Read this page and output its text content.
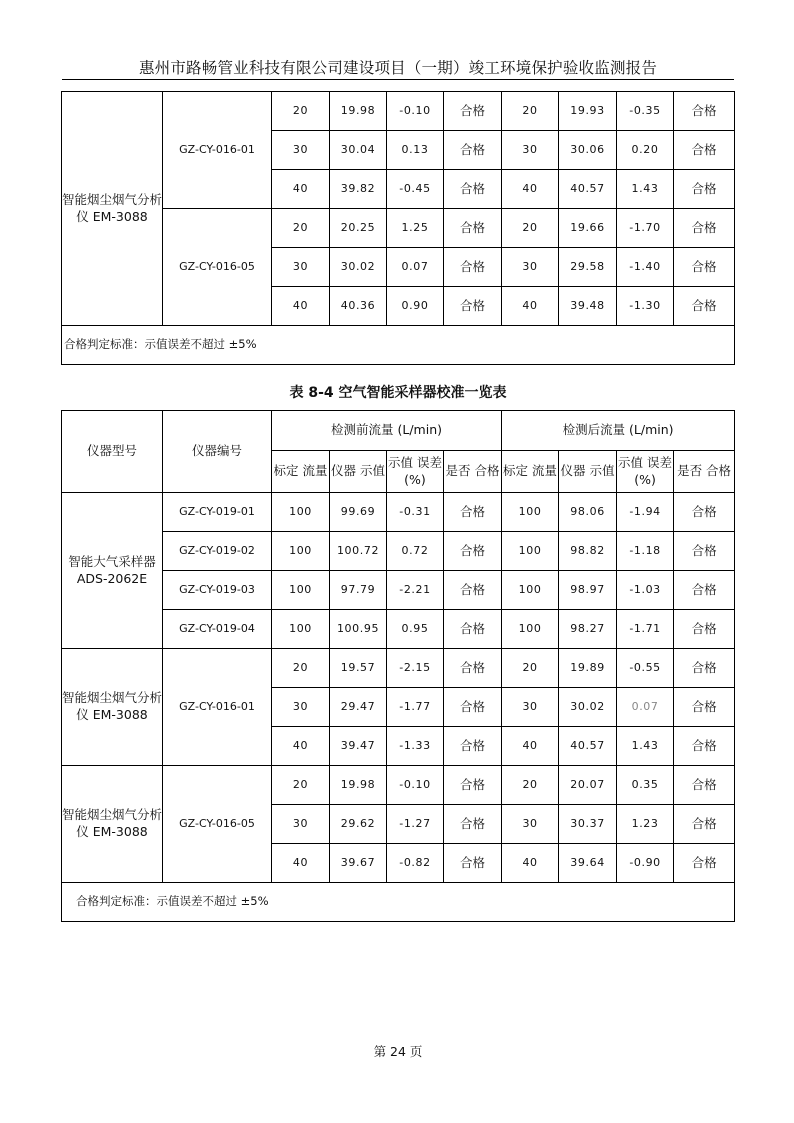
惠州市路畅管业科技有限公司建设项目（一期）竣工环境保护验收监测报告
智能烟尘烟气分析仪 EM-3088	GZ-CY-016-01	20	19.98	-0.10	合格	20	19.93	-0.35	合格
		30	30.04	0.13	合格	30	30.06	0.20	合格
		40	39.82	-0.45	合格	40	40.57	1.43	合格
	GZ-CY-016-05	20	20.25	1.25	合格	20	19.66	-1.70	合格
		30	30.02	0.07	合格	30	29.58	-1.40	合格
		40	40.36	0.90	合格	40	39.48	-1.30	合格
合格判定标准：示值误差不超过 ±5%									
表 8-4 空气智能采样器校准一览表
仪器型号	仪器编号	检测前流量 (L/min)				检测后流量 (L/min)			
		标定 流量	仪器 示值	示值 误差(%)	是否 合格	标定 流量	仪器 示值	示值 误差(%)	是否 合格
智能大气采样器 ADS-2062E	GZ-CY-019-01	100	99.69	-0.31	合格	100	98.06	-1.94	合格
	GZ-CY-019-02	100	100.72	0.72	合格	100	98.82	-1.18	合格
	GZ-CY-019-03	100	97.79	-2.21	合格	100	98.97	-1.03	合格
	GZ-CY-019-04	100	100.95	0.95	合格	100	98.27	-1.71	合格
智能烟尘烟气分析仪 EM-3088	GZ-CY-016-01	20	19.57	-2.15	合格	20	19.89	-0.55	合格
		30	29.47	-1.77	合格	30	30.02	0.07	合格
		40	39.47	-1.33	合格	40	40.57	1.43	合格
智能烟尘烟气分析仪 EM-3088	GZ-CY-016-05	20	19.98	-0.10	合格	20	20.07	0.35	合格
		30	29.62	-1.27	合格	30	30.37	1.23	合格
		40	39.67	-0.82	合格	40	39.64	-0.90	合格
合格判定标准：示值误差不超过 ±5%									
第 24 页
